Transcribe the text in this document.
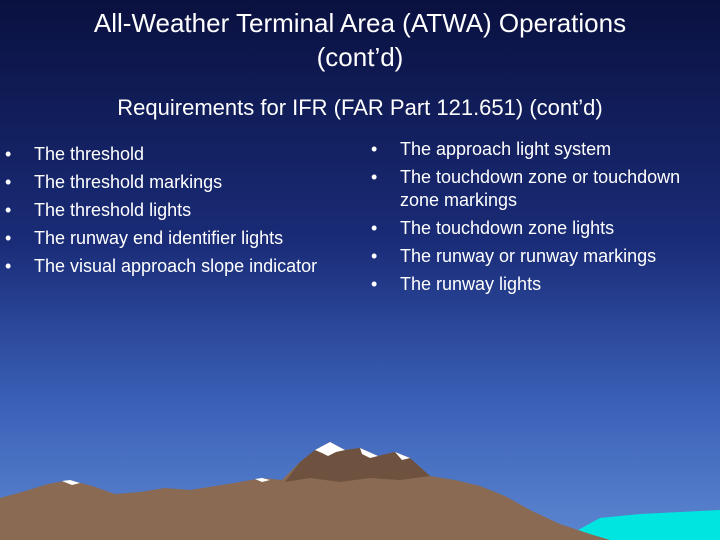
All-Weather Terminal Area (ATWA) Operations
(cont’d)
Requirements for IFR (FAR Part 121.651) (cont’d)
• The threshold
• The threshold markings
• The threshold lights
• The runway end identifier lights
• The visual approach slope indicator
• The approach light system
• The touchdown zone or touchdown zone markings
• The touchdown zone lights
• The runway or runway markings
• The runway lights
